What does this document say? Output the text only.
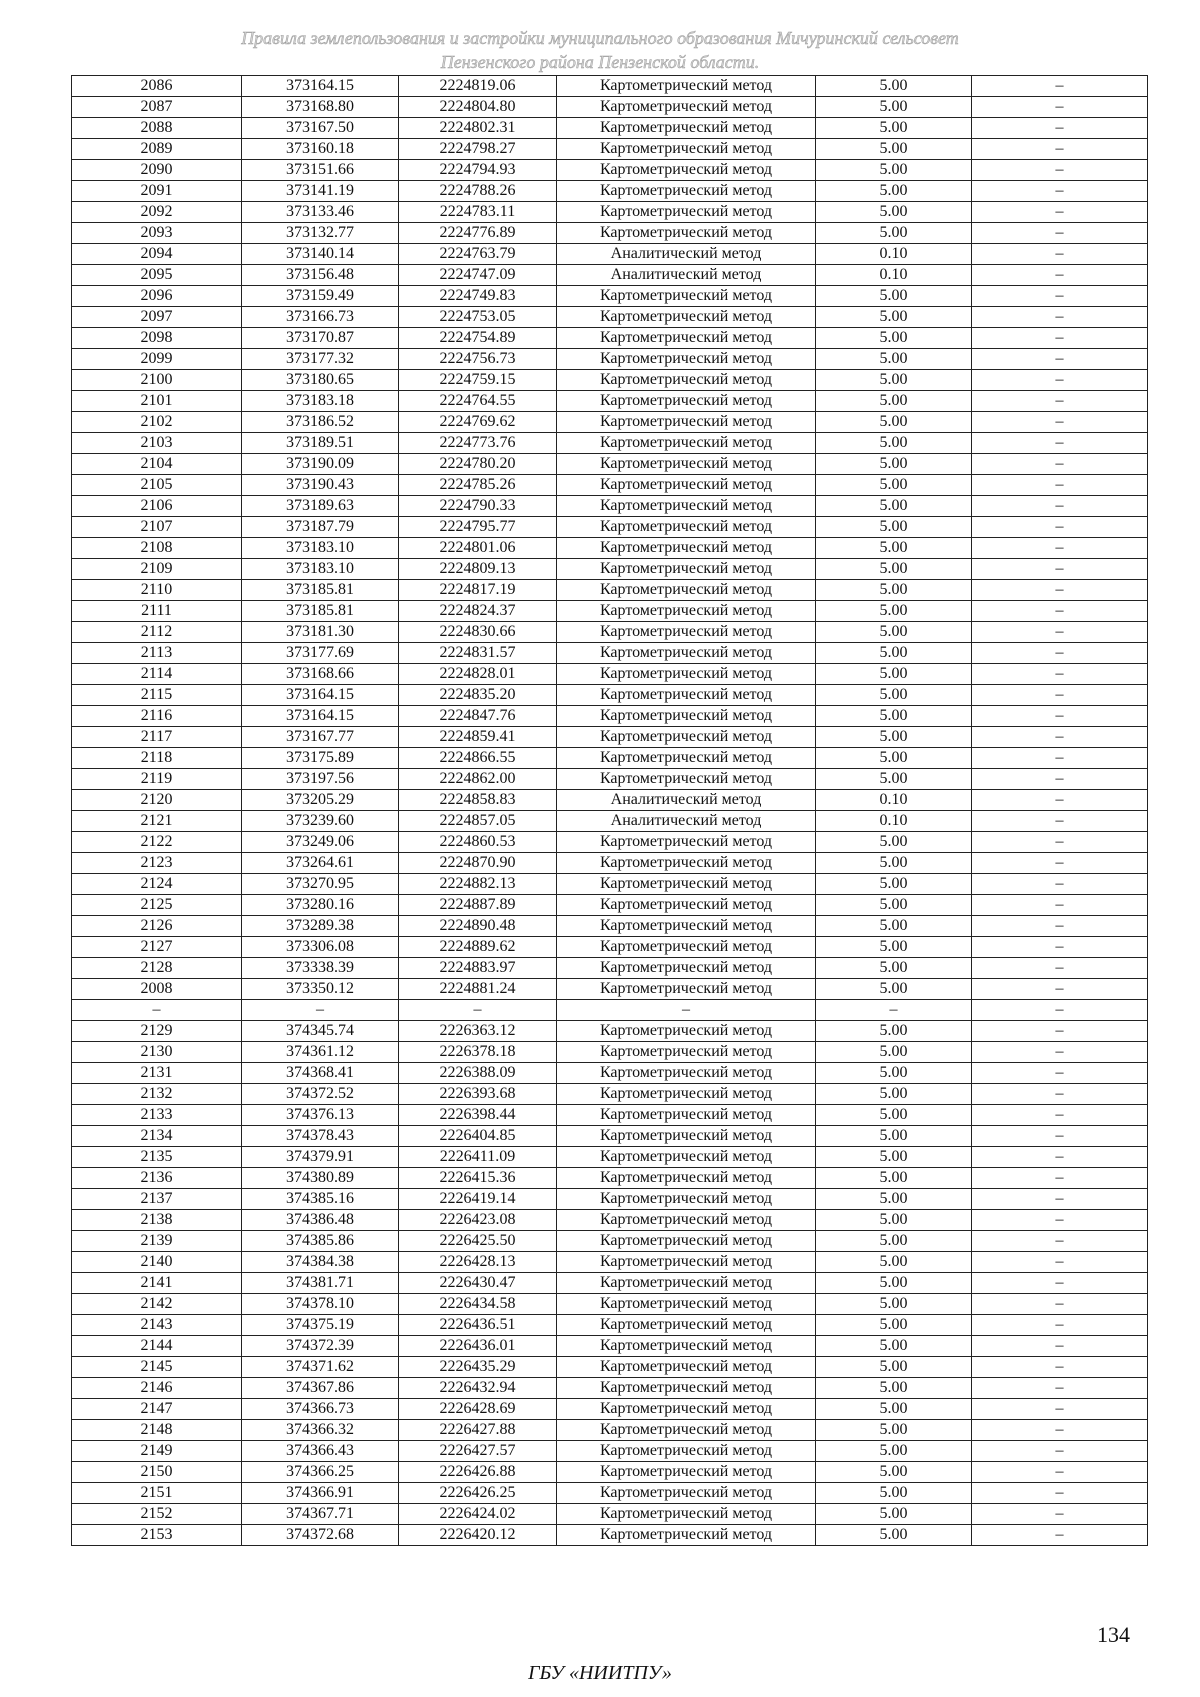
Правила землепользования и застройки муниципального образования Мичуринский сельсовет
Пензенского района Пензенской области.
2086	373164.15	2224819.06	Картометрический метод	5.00	–
2087	373168.80	2224804.80	Картометрический метод	5.00	–
2088	373167.50	2224802.31	Картометрический метод	5.00	–
2089	373160.18	2224798.27	Картометрический метод	5.00	–
2090	373151.66	2224794.93	Картометрический метод	5.00	–
2091	373141.19	2224788.26	Картометрический метод	5.00	–
2092	373133.46	2224783.11	Картометрический метод	5.00	–
2093	373132.77	2224776.89	Картометрический метод	5.00	–
2094	373140.14	2224763.79	Аналитический метод	0.10	–
2095	373156.48	2224747.09	Аналитический метод	0.10	–
2096	373159.49	2224749.83	Картометрический метод	5.00	–
2097	373166.73	2224753.05	Картометрический метод	5.00	–
2098	373170.87	2224754.89	Картометрический метод	5.00	–
2099	373177.32	2224756.73	Картометрический метод	5.00	–
2100	373180.65	2224759.15	Картометрический метод	5.00	–
2101	373183.18	2224764.55	Картометрический метод	5.00	–
2102	373186.52	2224769.62	Картометрический метод	5.00	–
2103	373189.51	2224773.76	Картометрический метод	5.00	–
2104	373190.09	2224780.20	Картометрический метод	5.00	–
2105	373190.43	2224785.26	Картометрический метод	5.00	–
2106	373189.63	2224790.33	Картометрический метод	5.00	–
2107	373187.79	2224795.77	Картометрический метод	5.00	–
2108	373183.10	2224801.06	Картометрический метод	5.00	–
2109	373183.10	2224809.13	Картометрический метод	5.00	–
2110	373185.81	2224817.19	Картометрический метод	5.00	–
2111	373185.81	2224824.37	Картометрический метод	5.00	–
2112	373181.30	2224830.66	Картометрический метод	5.00	–
2113	373177.69	2224831.57	Картометрический метод	5.00	–
2114	373168.66	2224828.01	Картометрический метод	5.00	–
2115	373164.15	2224835.20	Картометрический метод	5.00	–
2116	373164.15	2224847.76	Картометрический метод	5.00	–
2117	373167.77	2224859.41	Картометрический метод	5.00	–
2118	373175.89	2224866.55	Картометрический метод	5.00	–
2119	373197.56	2224862.00	Картометрический метод	5.00	–
2120	373205.29	2224858.83	Аналитический метод	0.10	–
2121	373239.60	2224857.05	Аналитический метод	0.10	–
2122	373249.06	2224860.53	Картометрический метод	5.00	–
2123	373264.61	2224870.90	Картометрический метод	5.00	–
2124	373270.95	2224882.13	Картометрический метод	5.00	–
2125	373280.16	2224887.89	Картометрический метод	5.00	–
2126	373289.38	2224890.48	Картометрический метод	5.00	–
2127	373306.08	2224889.62	Картометрический метод	5.00	–
2128	373338.39	2224883.97	Картометрический метод	5.00	–
2008	373350.12	2224881.24	Картометрический метод	5.00	–
–	–	–	–	–	–
2129	374345.74	2226363.12	Картометрический метод	5.00	–
2130	374361.12	2226378.18	Картометрический метод	5.00	–
2131	374368.41	2226388.09	Картометрический метод	5.00	–
2132	374372.52	2226393.68	Картометрический метод	5.00	–
2133	374376.13	2226398.44	Картометрический метод	5.00	–
2134	374378.43	2226404.85	Картометрический метод	5.00	–
2135	374379.91	2226411.09	Картометрический метод	5.00	–
2136	374380.89	2226415.36	Картометрический метод	5.00	–
2137	374385.16	2226419.14	Картометрический метод	5.00	–
2138	374386.48	2226423.08	Картометрический метод	5.00	–
2139	374385.86	2226425.50	Картометрический метод	5.00	–
2140	374384.38	2226428.13	Картометрический метод	5.00	–
2141	374381.71	2226430.47	Картометрический метод	5.00	–
2142	374378.10	2226434.58	Картометрический метод	5.00	–
2143	374375.19	2226436.51	Картометрический метод	5.00	–
2144	374372.39	2226436.01	Картометрический метод	5.00	–
2145	374371.62	2226435.29	Картометрический метод	5.00	–
2146	374367.86	2226432.94	Картометрический метод	5.00	–
2147	374366.73	2226428.69	Картометрический метод	5.00	–
2148	374366.32	2226427.88	Картометрический метод	5.00	–
2149	374366.43	2226427.57	Картометрический метод	5.00	–
2150	374366.25	2226426.88	Картометрический метод	5.00	–
2151	374366.91	2226426.25	Картометрический метод	5.00	–
2152	374367.71	2226424.02	Картометрический метод	5.00	–
2153	374372.68	2226420.12	Картометрический метод	5.00	–
134
ГБУ «НИИТПУ»
